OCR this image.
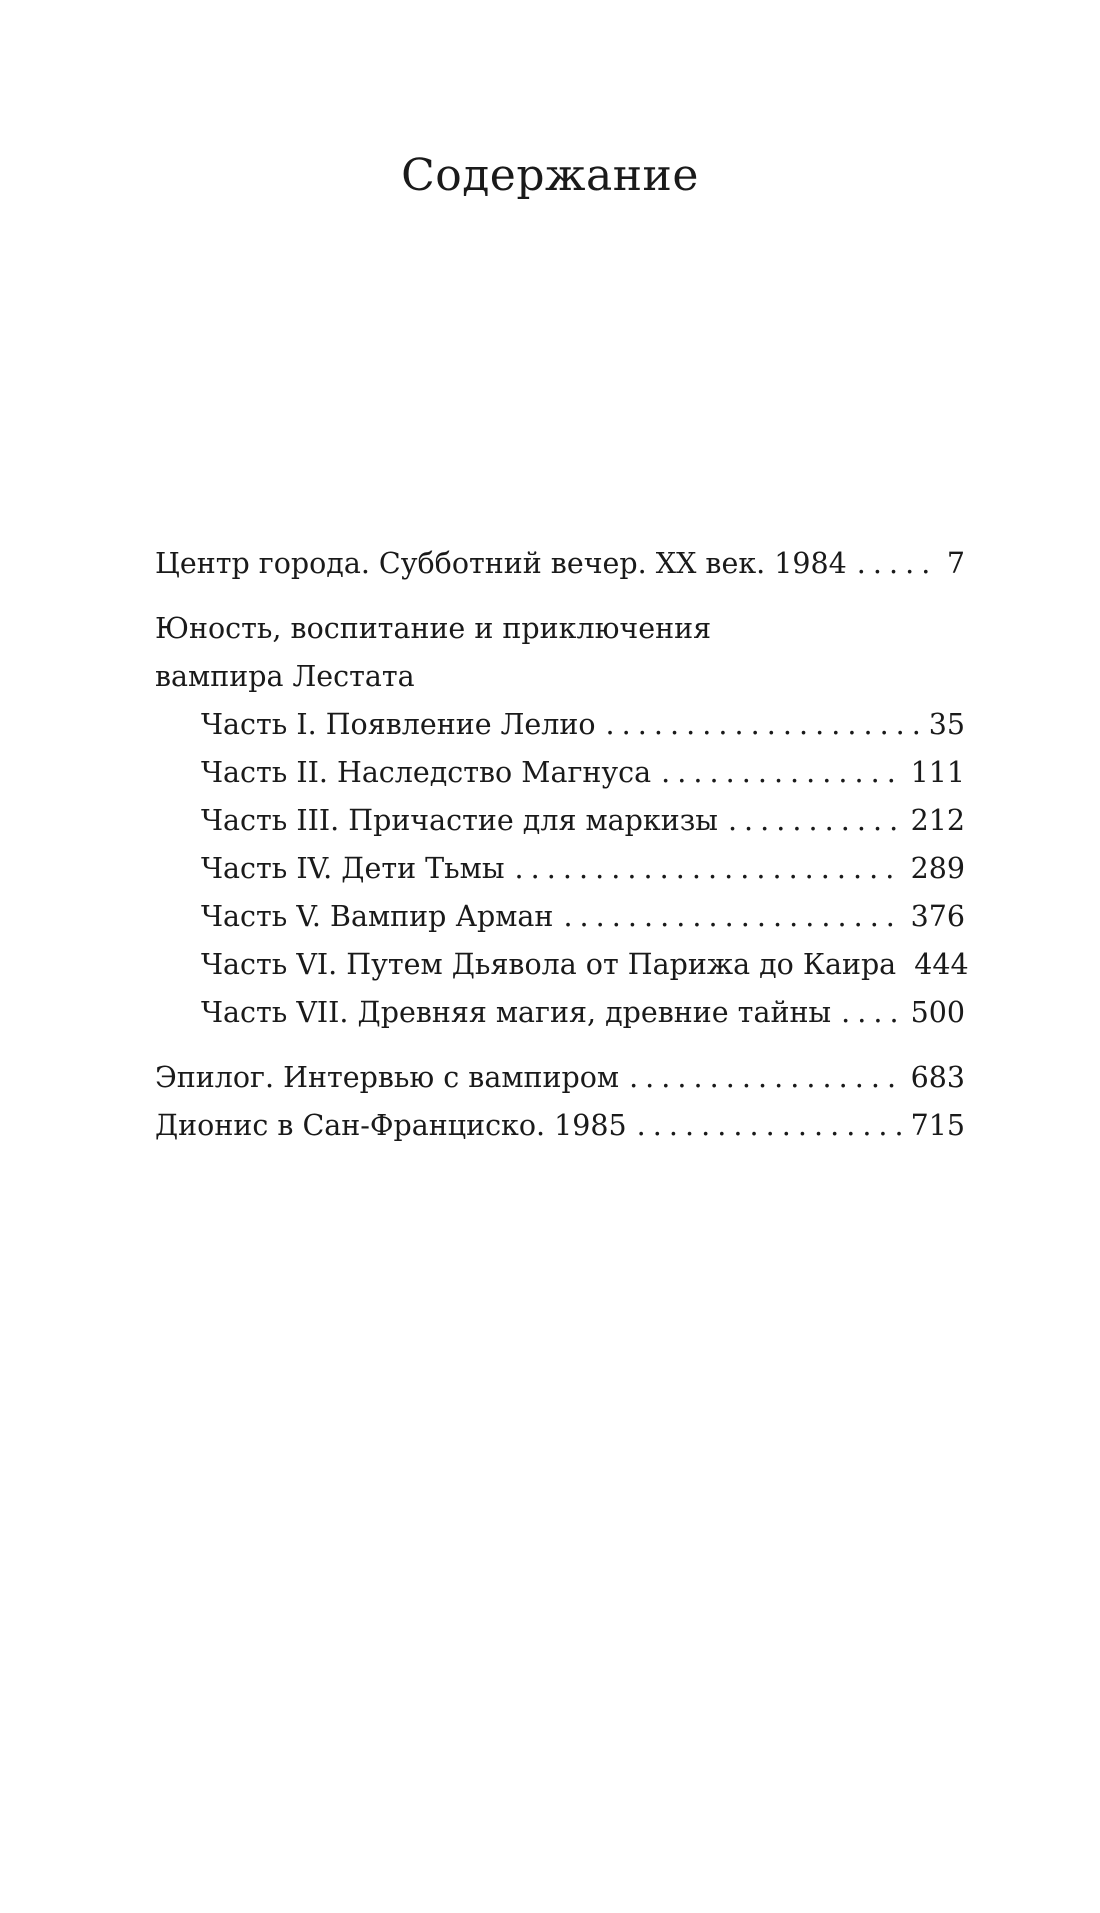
Содержание
Центр города. Субботний вечер. XX век. 1984 . . .	7
Юность, воспитание и приключения
вампира Лестата
Часть I. Появление Лелио . . .	35
Часть II. Наследство Магнуса . . .	111
Часть III. Причастие для маркизы . . .	212
Часть IV. Дети Тьмы . . .	289
Часть V. Вампир Арман . . .	376
Часть VI. Путем Дьявола от Парижа до Каира 444
Часть VII. Древняя магия, древние тайны . . .	500
Эпилог. Интервью с вампиром . . .	683
Дионис в Сан-Франциско. 1985 . . .	715
